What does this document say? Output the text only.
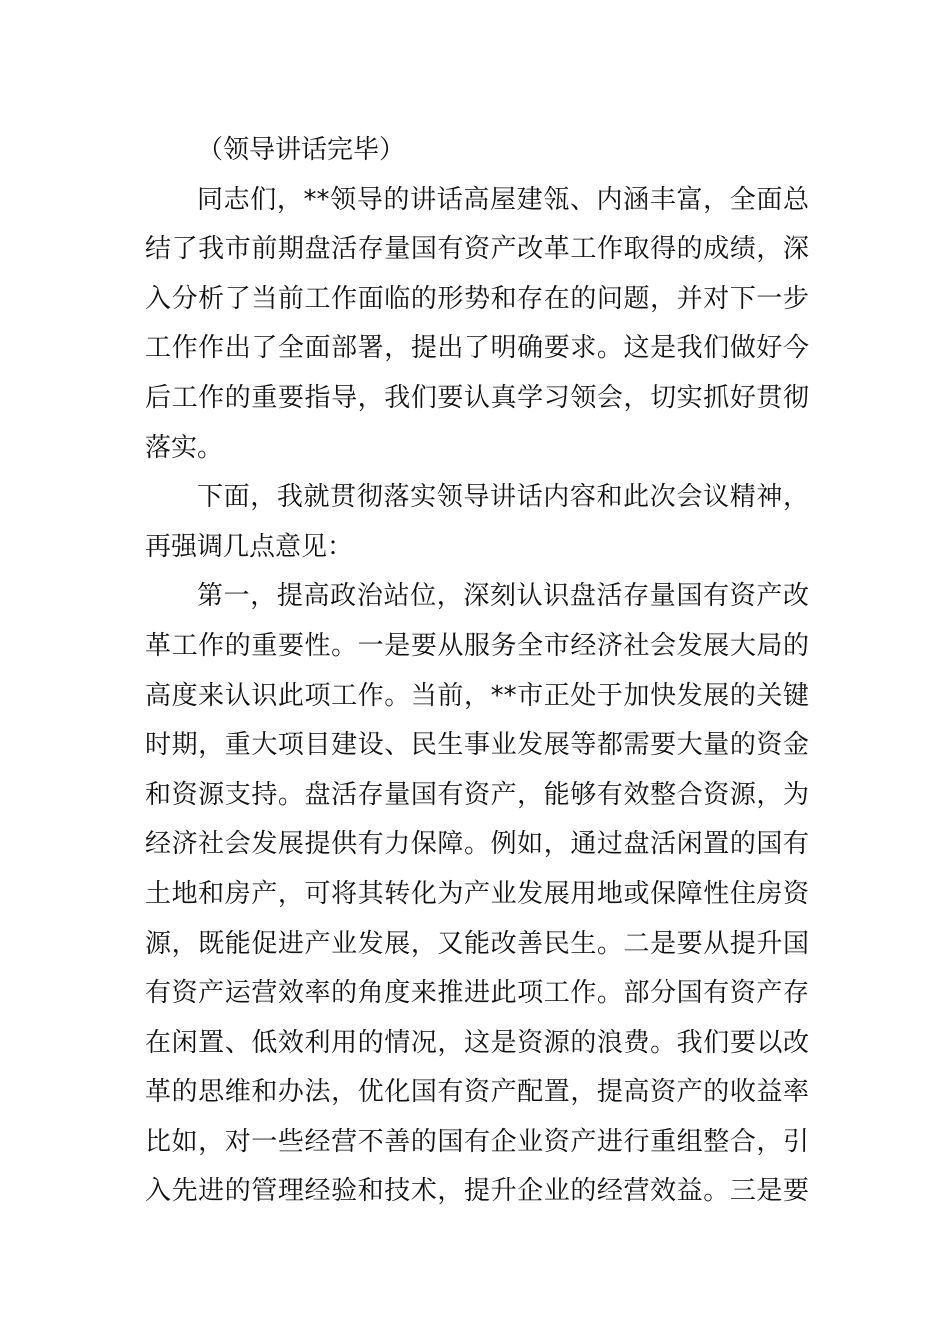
（领导讲话完毕）
同志们，**领导的讲话高屋建瓴、内涵丰富，全面总
结了我市前期盘活存量国有资产改革工作取得的成绩，深
入分析了当前工作面临的形势和存在的问题，并对下一步
工作作出了全面部署，提出了明确要求。这是我们做好今
后工作的重要指导，我们要认真学习领会，切实抓好贯彻
落实。
下面，我就贯彻落实领导讲话内容和此次会议精神，
再强调几点意见：
第一，提高政治站位，深刻认识盘活存量国有资产改
革工作的重要性。一是要从服务全市经济社会发展大局的
高度来认识此项工作。当前，**市正处于加快发展的关键
时期，重大项目建设、民生事业发展等都需要大量的资金
和资源支持。盘活存量国有资产，能够有效整合资源，为
经济社会发展提供有力保障。例如，通过盘活闲置的国有
土地和房产，可将其转化为产业发展用地或保障性住房资
源，既能促进产业发展，又能改善民生。二是要从提升国
有资产运营效率的角度来推进此项工作。部分国有资产存
在闲置、低效利用的情况，这是资源的浪费。我们要以改
革的思维和办法，优化国有资产配置，提高资产的收益率
比如，对一些经营不善的国有企业资产进行重组整合，引
入先进的管理经验和技术，提升企业的经营效益。三是要
